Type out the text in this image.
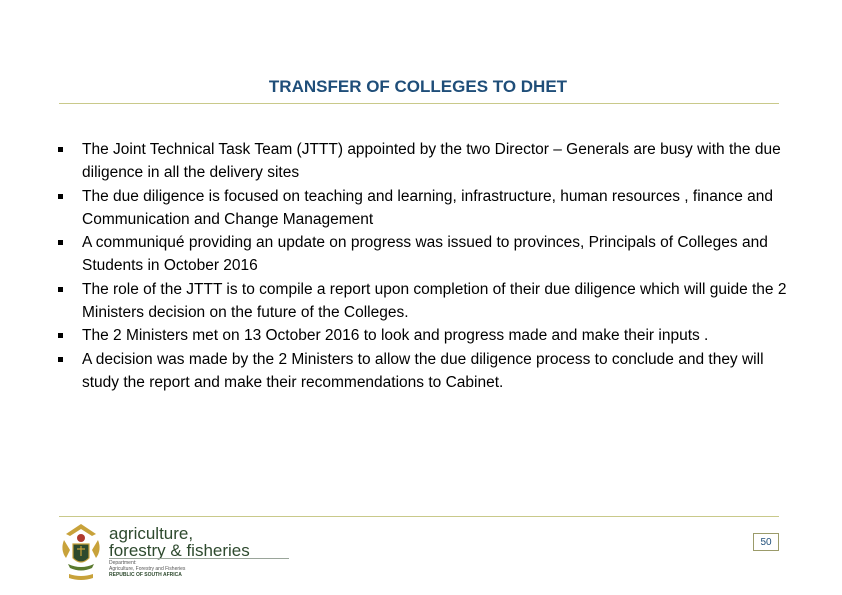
TRANSFER OF COLLEGES TO DHET
The Joint Technical Task Team (JTTT) appointed by the two Director – Generals are busy with the due diligence in all the delivery sites
The due diligence is focused on teaching and learning, infrastructure, human resources , finance and Communication and Change Management
A communiqué providing an update on progress was issued to provinces, Principals of Colleges and Students in October 2016
The role of the JTTT is to compile a report upon completion of their due diligence which will guide the 2 Ministers decision on the future of the Colleges.
The 2 Ministers met on 13 October 2016 to look and progress made and make their inputs .
A decision was made by the 2 Ministers to allow the due diligence process to conclude and they will study the report and make their recommendations to Cabinet.
agriculture,
forestry & fisheries
Department:
Agriculture, Forestry and Fisheries
REPUBLIC OF SOUTH AFRICA
50
